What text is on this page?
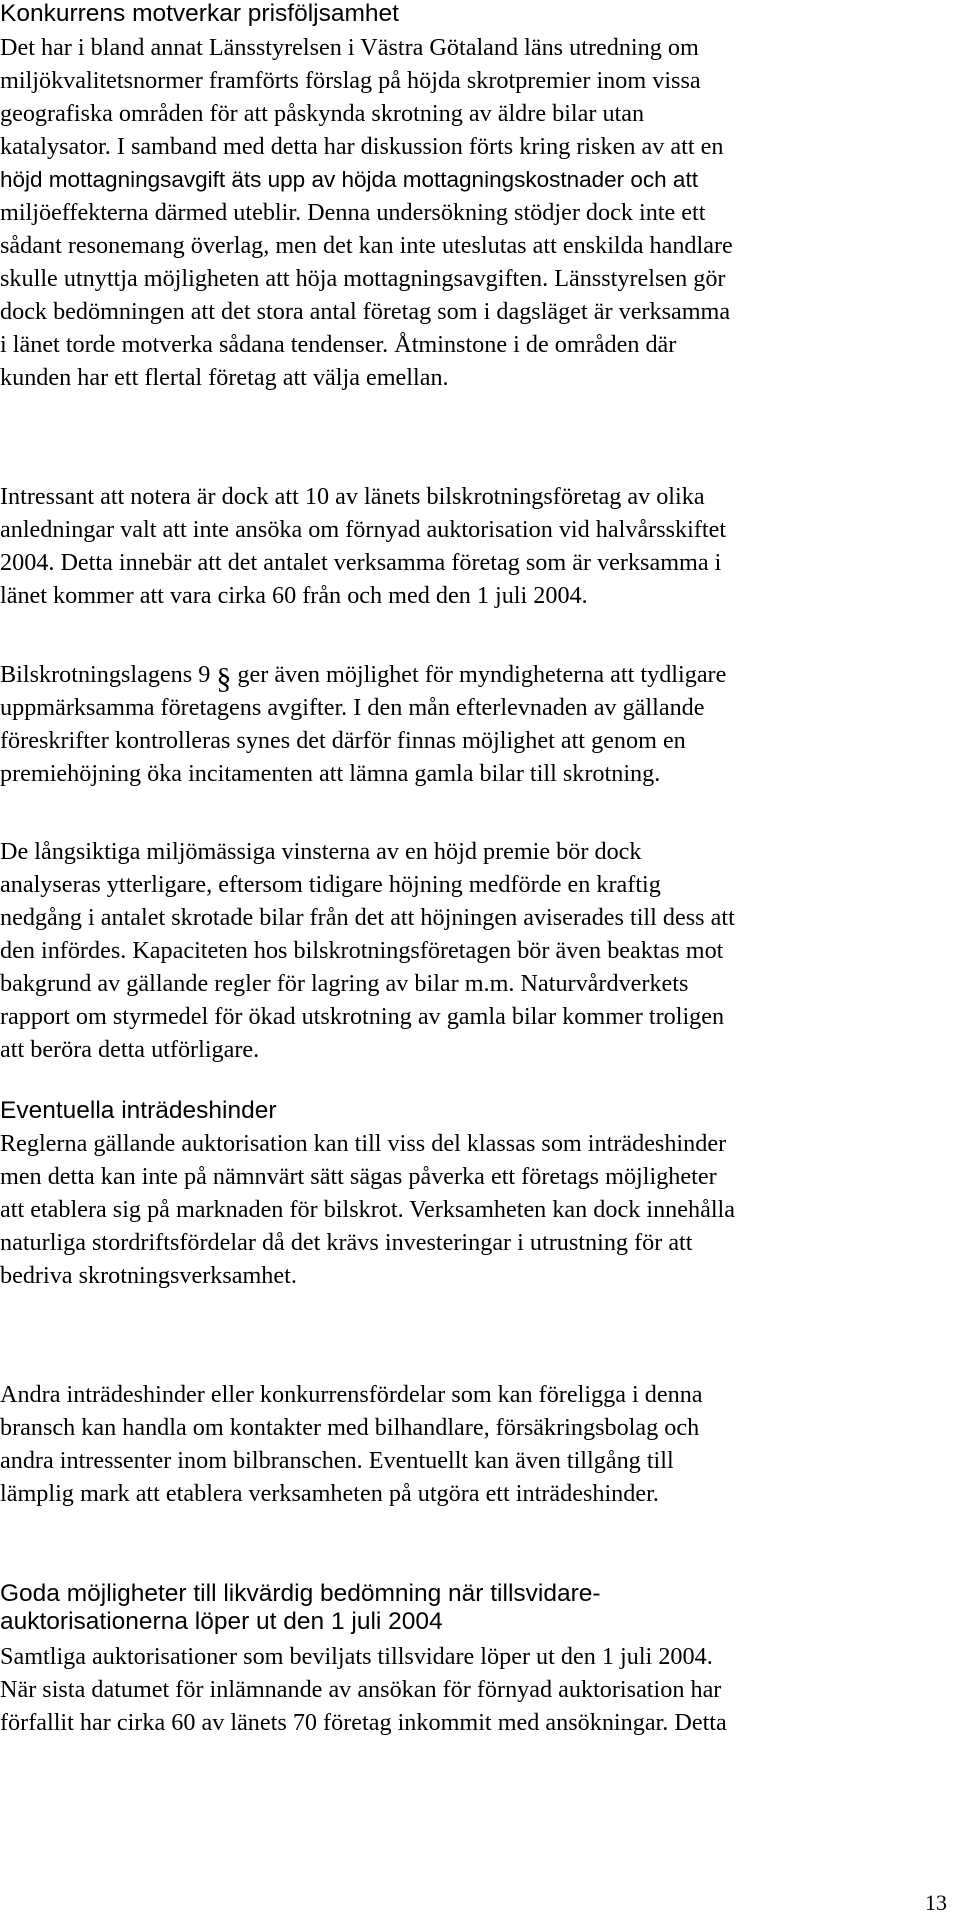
Konkurrens motverkar prisföljsamhet

Det har i bland annat Länsstyrelsen i Västra Götaland läns utredning om
miljökvalitetsnormer framförts förslag på höjda skrotpremier inom vissa
geografiska områden för att påskynda skrotning av äldre bilar utan
katalysator. I samband med detta har diskussion förts kring risken av att en
höjd mottagningsavgift äts upp av höjda mottagningskostnader och att
miljöeffekterna därmed uteblir. Denna undersökning stödjer dock inte ett
sådant resonemang överlag, men det kan inte uteslutas att enskilda handlare
skulle utnyttja möjligheten att höja mottagningsavgiften. Länsstyrelsen gör
dock bedömningen att det stora antal företag som i dagsläget är verksamma
i länet torde motverka sådana tendenser. Åtminstone i de områden där
kunden har ett flertal företag att välja emellan.

Intressant att notera är dock att 10 av länets bilskrotningsföretag av olika
anledningar valt att inte ansöka om förnyad auktorisation vid halvårsskiftet
2004. Detta innebär att det antalet verksamma företag som är verksamma i
länet kommer att vara cirka 60 från och med den 1 juli 2004.

Bilskrotningslagens 9 § ger även möjlighet för myndigheterna att tydligare
uppmärksamma företagens avgifter. I den mån efterlevnaden av gällande
föreskrifter kontrolleras synes det därför finnas möjlighet att genom en
premiehöjning öka incitamenten att lämna gamla bilar till skrotning.

De långsiktiga miljömässiga vinsterna av en höjd premie bör dock
analyseras ytterligare, eftersom tidigare höjning medförde en kraftig
nedgång i antalet skrotade bilar från det att höjningen aviserades till dess att
den infördes. Kapaciteten hos bilskrotningsföretagen bör även beaktas mot
bakgrund av gällande regler för lagring av bilar m.m. Naturvårdverkets
rapport om styrmedel för ökad utskrotning av gamla bilar kommer troligen
att beröra detta utförligare.

Eventuella inträdeshinder

Reglerna gällande auktorisation kan till viss del klassas som inträdeshinder
men detta kan inte på nämnvärt sätt sägas påverka ett företags möjligheter
att etablera sig på marknaden för bilskrot. Verksamheten kan dock innehålla
naturliga stordriftsfördelar då det krävs investeringar i utrustning för att
bedriva skrotningsverksamhet.

Andra inträdeshinder eller konkurrensfördelar som kan föreligga i denna
bransch kan handla om kontakter med bilhandlare, försäkringsbolag och
andra intressenter inom bilbranschen. Eventuellt kan även tillgång till
lämplig mark att etablera verksamheten på utgöra ett inträdeshinder.

Goda möjligheter till likvärdig bedömning när tillsvidare-
auktorisationerna löper ut den 1 juli 2004

Samtliga auktorisationer som beviljats tillsvidare löper ut den 1 juli 2004.
När sista datumet för inlämnande av ansökan för förnyad auktorisation har
förfallit har cirka 60 av länets 70 företag inkommit med ansökningar. Detta

13
